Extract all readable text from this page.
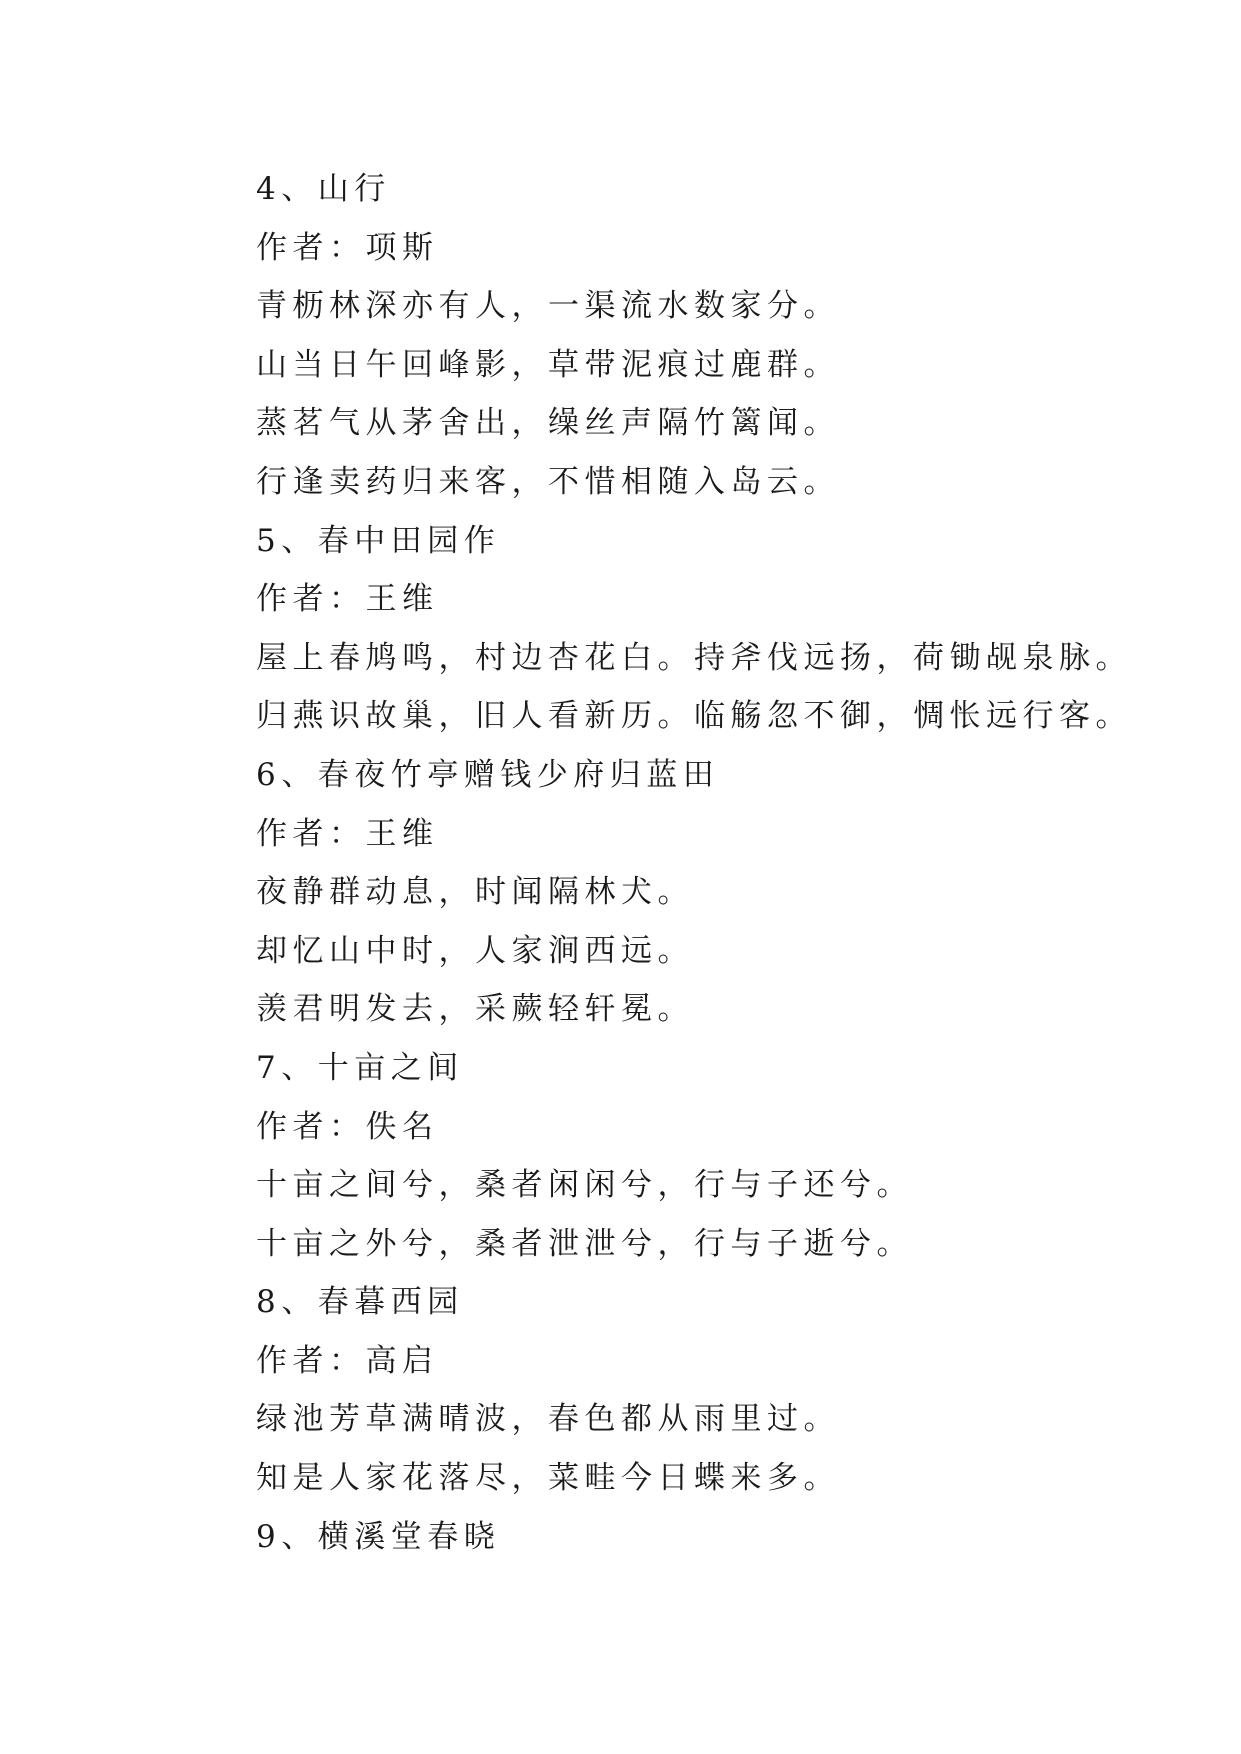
4、山行
作者：项斯
青枥林深亦有人，一渠流水数家分。
山当日午回峰影，草带泥痕过鹿群。
蒸茗气从茅舍出，缲丝声隔竹篱闻。
行逢卖药归来客，不惜相随入岛云。
5、春中田园作
作者：王维
屋上春鸠鸣，村边杏花白。持斧伐远扬，荷锄觇泉脉。
归燕识故巢，旧人看新历。临觞忽不御，惆怅远行客。
6、春夜竹亭赠钱少府归蓝田
作者：王维
夜静群动息，时闻隔林犬。
却忆山中时，人家涧西远。
羡君明发去，采蕨轻轩冕。
7、十亩之间
作者：佚名
十亩之间兮，桑者闲闲兮，行与子还兮。
十亩之外兮，桑者泄泄兮，行与子逝兮。
8、春暮西园
作者：高启
绿池芳草满晴波，春色都从雨里过。
知是人家花落尽，菜畦今日蝶来多。
9、横溪堂春晓
